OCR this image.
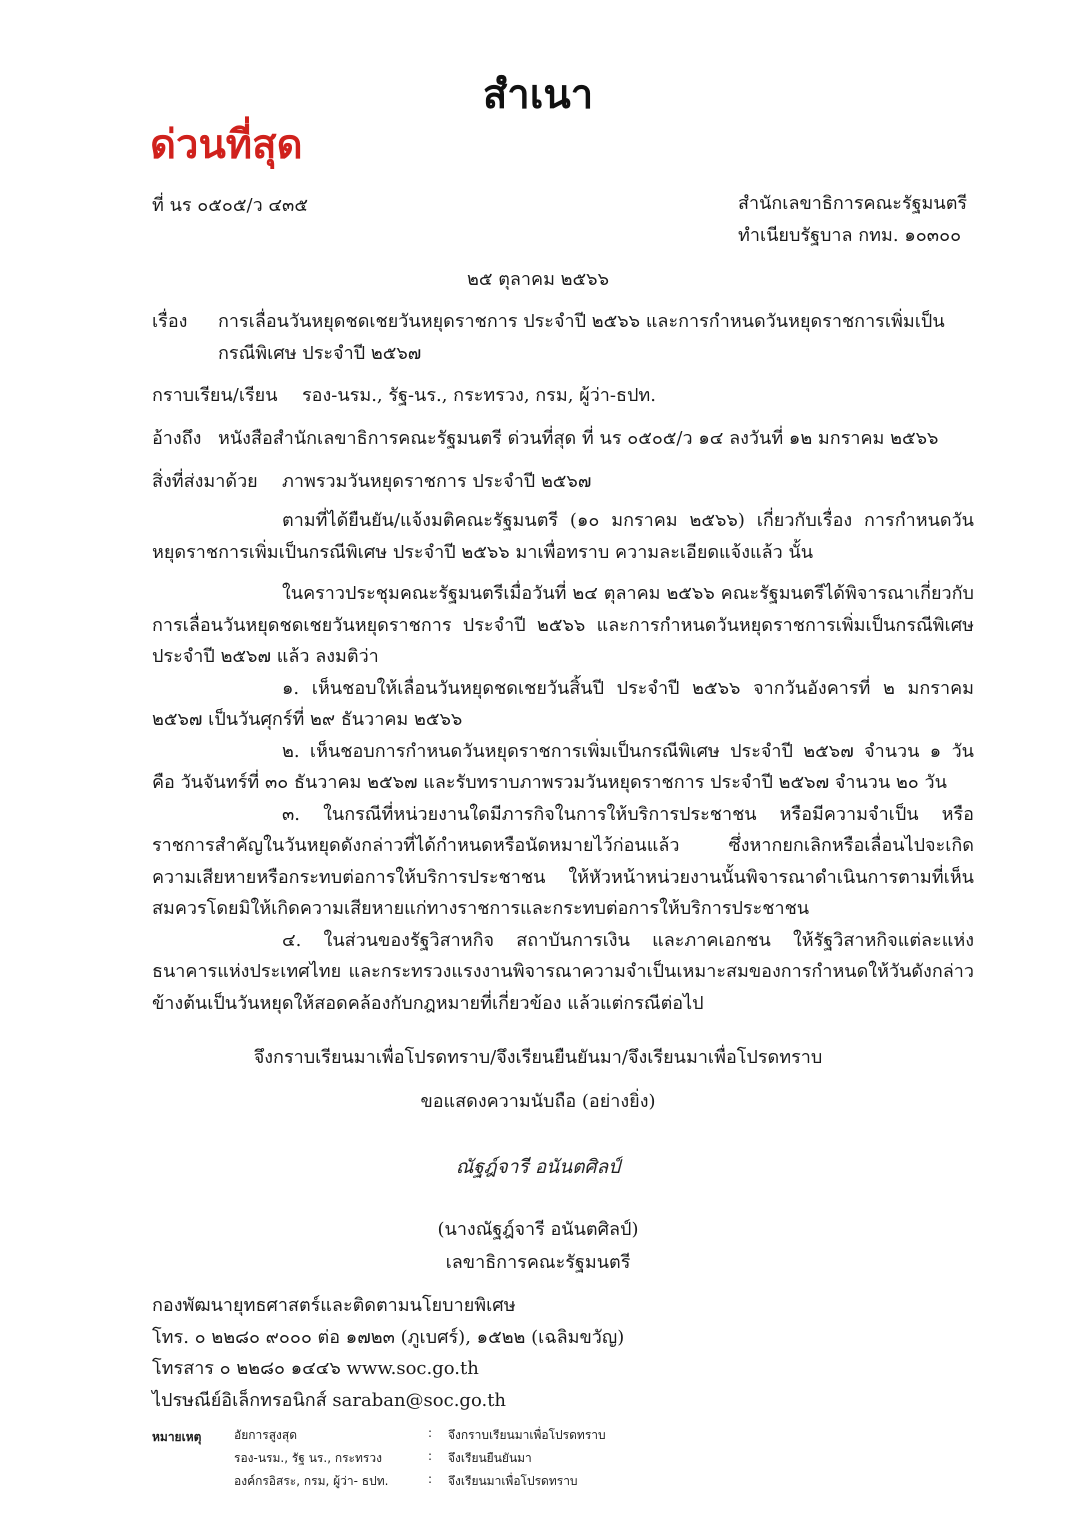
สำเนา
ด่วนที่สุด
ที่ นร ๐๕๐๕/ว ๔๓๕	สำนักเลขาธิการคณะรัฐมนตรี
ทำเนียบรัฐบาล กทม. ๑๐๓๐๐
๒๕ ตุลาคม ๒๕๖๖
เรื่อง การเลื่อนวันหยุดชดเชยวันหยุดราชการ ประจำปี ๒๕๖๖ และการกำหนดวันหยุดราชการเพิ่มเป็นกรณีพิเศษ ประจำปี ๒๕๖๗
กราบเรียน/เรียน รอง-นรม., รัฐ-นร., กระทรวง, กรม, ผู้ว่า-ธปท.
อ้างถึง หนังสือสำนักเลขาธิการคณะรัฐมนตรี ด่วนที่สุด ที่ นร ๐๕๐๕/ว ๑๔ ลงวันที่ ๑๒ มกราคม ๒๕๖๖
สิ่งที่ส่งมาด้วย ภาพรวมวันหยุดราชการ ประจำปี ๒๕๖๗

ตามที่ได้ยืนยัน/แจ้งมติคณะรัฐมนตรี (๑๐ มกราคม ๒๕๖๖) เกี่ยวกับเรื่อง การกำหนดวันหยุดราชการเพิ่มเป็นกรณีพิเศษ ประจำปี ๒๕๖๖ มาเพื่อทราบ ความละเอียดแจ้งแล้ว นั้น

ในคราวประชุมคณะรัฐมนตรีเมื่อวันที่ ๒๔ ตุลาคม ๒๕๖๖ คณะรัฐมนตรีได้พิจารณาเกี่ยวกับการเลื่อนวันหยุดชดเชยวันหยุดราชการ ประจำปี ๒๕๖๖ และการกำหนดวันหยุดราชการเพิ่มเป็นกรณีพิเศษ ประจำปี ๒๕๖๗ แล้ว ลงมติว่า

๑. เห็นชอบให้เลื่อนวันหยุดชดเชยวันสิ้นปี ประจำปี ๒๕๖๖ จากวันอังคารที่ ๒ มกราคม ๒๕๖๗ เป็นวันศุกร์ที่ ๒๙ ธันวาคม ๒๕๖๖

๒. เห็นชอบการกำหนดวันหยุดราชการเพิ่มเป็นกรณีพิเศษ ประจำปี ๒๕๖๗ จำนวน ๑ วัน คือ วันจันทร์ที่ ๓๐ ธันวาคม ๒๕๖๗ และรับทราบภาพรวมวันหยุดราชการ ประจำปี ๒๕๖๗ จำนวน ๒๐ วัน

๓. ในกรณีที่หน่วยงานใดมีภารกิจในการให้บริการประชาชน หรือมีความจำเป็น หรือราชการสำคัญในวันหยุดดังกล่าวที่ได้กำหนดหรือนัดหมายไว้ก่อนแล้ว ซึ่งหากยกเลิกหรือเลื่อนไปจะเกิดความเสียหายหรือกระทบต่อการให้บริการประชาชน ให้หัวหน้าหน่วยงานนั้นพิจารณาดำเนินการตามที่เห็นสมควรโดยมิให้เกิดความเสียหายแก่ทางราชการและกระทบต่อการให้บริการประชาชน

๔. ในส่วนของรัฐวิสาหกิจ สถาบันการเงิน และภาคเอกชน ให้รัฐวิสาหกิจแต่ละแห่ง ธนาคารแห่งประเทศไทย และกระทรวงแรงงานพิจารณาความจำเป็นเหมาะสมของการกำหนดให้วันดังกล่าวข้างต้นเป็นวันหยุดให้สอดคล้องกับกฎหมายที่เกี่ยวข้อง แล้วแต่กรณีต่อไป

จึงกราบเรียนมาเพื่อโปรดทราบ/จึงเรียนยืนยันมา/จึงเรียนมาเพื่อโปรดทราบ
ขอแสดงความนับถือ (อย่างยิ่ง)
ณัฐฎ์จารี อนันตศิลป์
(นางณัฐฎ์จารี อนันตศิลป์)
เลขาธิการคณะรัฐมนตรี
กองพัฒนายุทธศาสตร์และติดตามนโยบายพิเศษ
โทร. ๐ ๒๒๘๐ ๙๐๐๐ ต่อ ๑๗๒๓ (ภูเบศร์), ๑๕๒๒ (เฉลิมขวัญ)
โทรสาร ๐ ๒๒๘๐ ๑๔๔๖ www.soc.go.th
ไปรษณีย์อิเล็กทรอนิกส์ saraban@soc.go.th
หมายเหตุ	อัยการสูงสุด	:	จึงกราบเรียนมาเพื่อโปรดทราบ
รอง-นรม., รัฐ นร., กระทรวง	:	จึงเรียนยืนยันมา
องค์กรอิสระ, กรม, ผู้ว่า- ธปท.	:	จึงเรียนมาเพื่อโปรดทราบ
